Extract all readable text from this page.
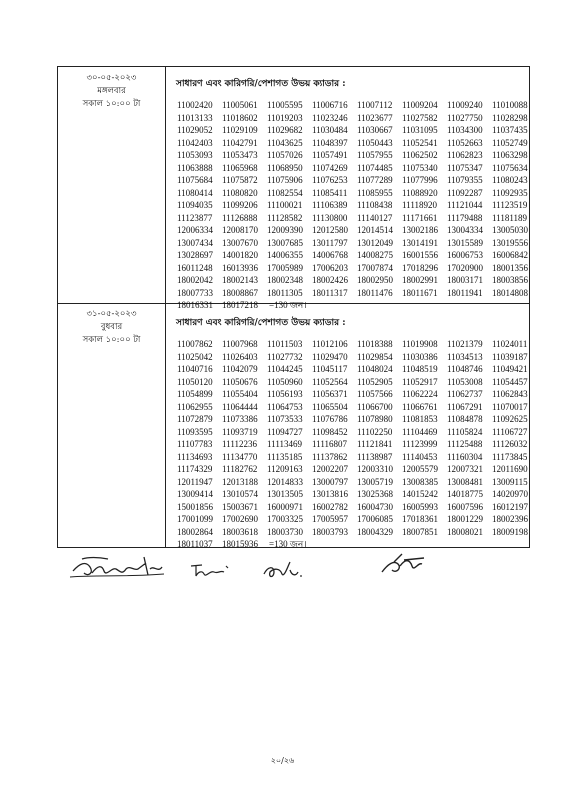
৩০-০৫-২০২৩
মঙ্গলবার
সকাল ১০:০০ টা
সাধারণ এবং কারিগরি/পেশাগত উভয় ক্যাডার :
11002420 11005061 11005595 11006716 11007112 11009204 11009240 11010088
11013133 11018602 11019203 11023246 11023677 11027582 11027750 11028298
11029052 11029109 11029682 11030484 11030667 11031095 11034300 11037435
11042403 11042791 11043625 11048397 11050443 11052541 11052663 11052749
11053093 11053473 11057026 11057491 11057955 11062502 11062823 11063298
11063888 11065968 11068950 11074269 11074485 11075340 11075347 11075634
11075684 11075872 11075906 11076253 11077289 11077996 11079355 11080243
11080414 11080820 11082554 11085411 11085955 11088920 11092287 11092935
11094035 11099206 11100021 11106389 11108438 11118920 11121044 11123519
11123877 11126888 11128582 11130800 11140127 11171661 11179488 11181189
12006334 12008170 12009390 12012580 12014514 13002186 13004334 13005030
13007434 13007670 13007685 13011797 13012049 13014191 13015589 13019556
13028697 14001820 14006355 14006768 14008275 16001556 16006753 16006842
16011248 16013936 17005989 17006203 17007874 17018296 17020900 18001356
18002042 18002143 18002348 18002426 18002950 18002991 18003171 18003856
18007733 18008867 18011305 18011317 18011476 18011671 18011941 18014808
18016331 18017218 =130 জন।
৩১-০৫-২০২৩
বুধবার
সকাল ১০:০০ টা
সাধারণ এবং কারিগরি/পেশাগত উভয় ক্যাডার :
11007862 11007968 11011503 11012106 11018388 11019908 11021379 11024011
11025042 11026403 11027732 11029470 11029854 11030386 11034513 11039187
11040716 11042079 11044245 11045117 11048024 11048519 11048746 11049421
11050120 11050676 11050960 11052564 11052905 11052917 11053008 11054457
11054899 11055404 11056193 11056371 11057566 11062224 11062737 11062843
11062955 11064444 11064753 11065504 11066700 11066761 11067291 11070017
11072879 11073386 11073533 11076786 11078980 11081853 11084878 11092625
11093595 11093719 11094727 11098452 11102250 11104469 11105824 11106727
11107783 11112236 11113469 11116807 11121841 11123999 11125488 11126032
11134693 11134770 11135185 11137862 11138987 11140453 11160304 11173845
11174329 11182762 11209163 12002207 12003310 12005579 12007321 12011690
12011947 12013188 12014833 13000797 13005719 13008385 13008481 13009115
13009414 13010574 13013505 13013816 13025368 14015242 14018775 14020970
15001856 15003671 16000971 16002782 16004730 16005993 16007596 16012197
17001099 17002690 17003325 17005957 17006085 17018361 18001229 18002396
18002864 18003618 18003730 18003793 18004329 18007851 18008021 18009198
18011037 18015936 =130 জন।
২০/২৬
